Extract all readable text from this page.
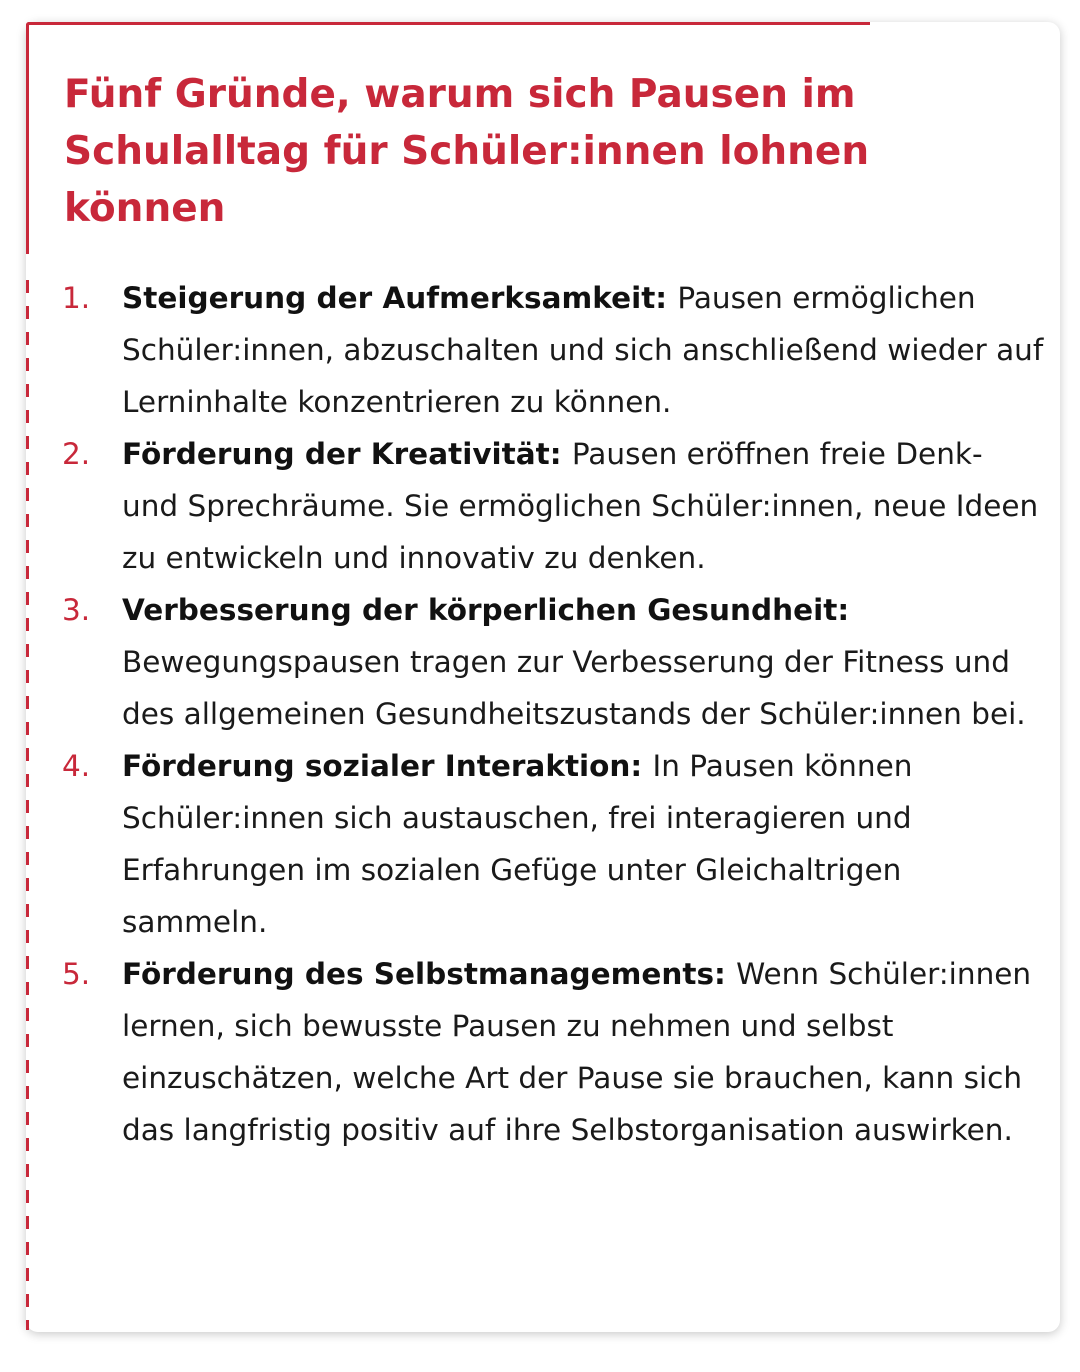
Fünf Gründe, warum sich Pausen im Schulalltag für Schüler:innen lohnen können
1. Steigerung der Aufmerksamkeit: Pausen ermöglichen Schüler:innen, abzuschalten und sich anschließend wieder auf Lerninhalte konzentrieren zu können.
2. Förderung der Kreativität: Pausen eröffnen freie Denk- und Sprechräume. Sie ermöglichen Schüler:innen, neue Ideen zu entwickeln und innovativ zu denken.
3. Verbesserung der körperlichen Gesundheit: Bewegungspausen tragen zur Verbesserung der Fitness und des allgemeinen Gesundheitszustands der Schüler:innen bei.
4. Förderung sozialer Interaktion: In Pausen können Schüler:innen sich austauschen, frei interagieren und Erfahrungen im sozialen Gefüge unter Gleichaltrigen sammeln.
5. Förderung des Selbstmanagements: Wenn Schüler:innen lernen, sich bewusste Pausen zu nehmen und selbst einzuschätzen, welche Art der Pause sie brauchen, kann sich das langfristig positiv auf ihre Selbstorganisation auswirken.
